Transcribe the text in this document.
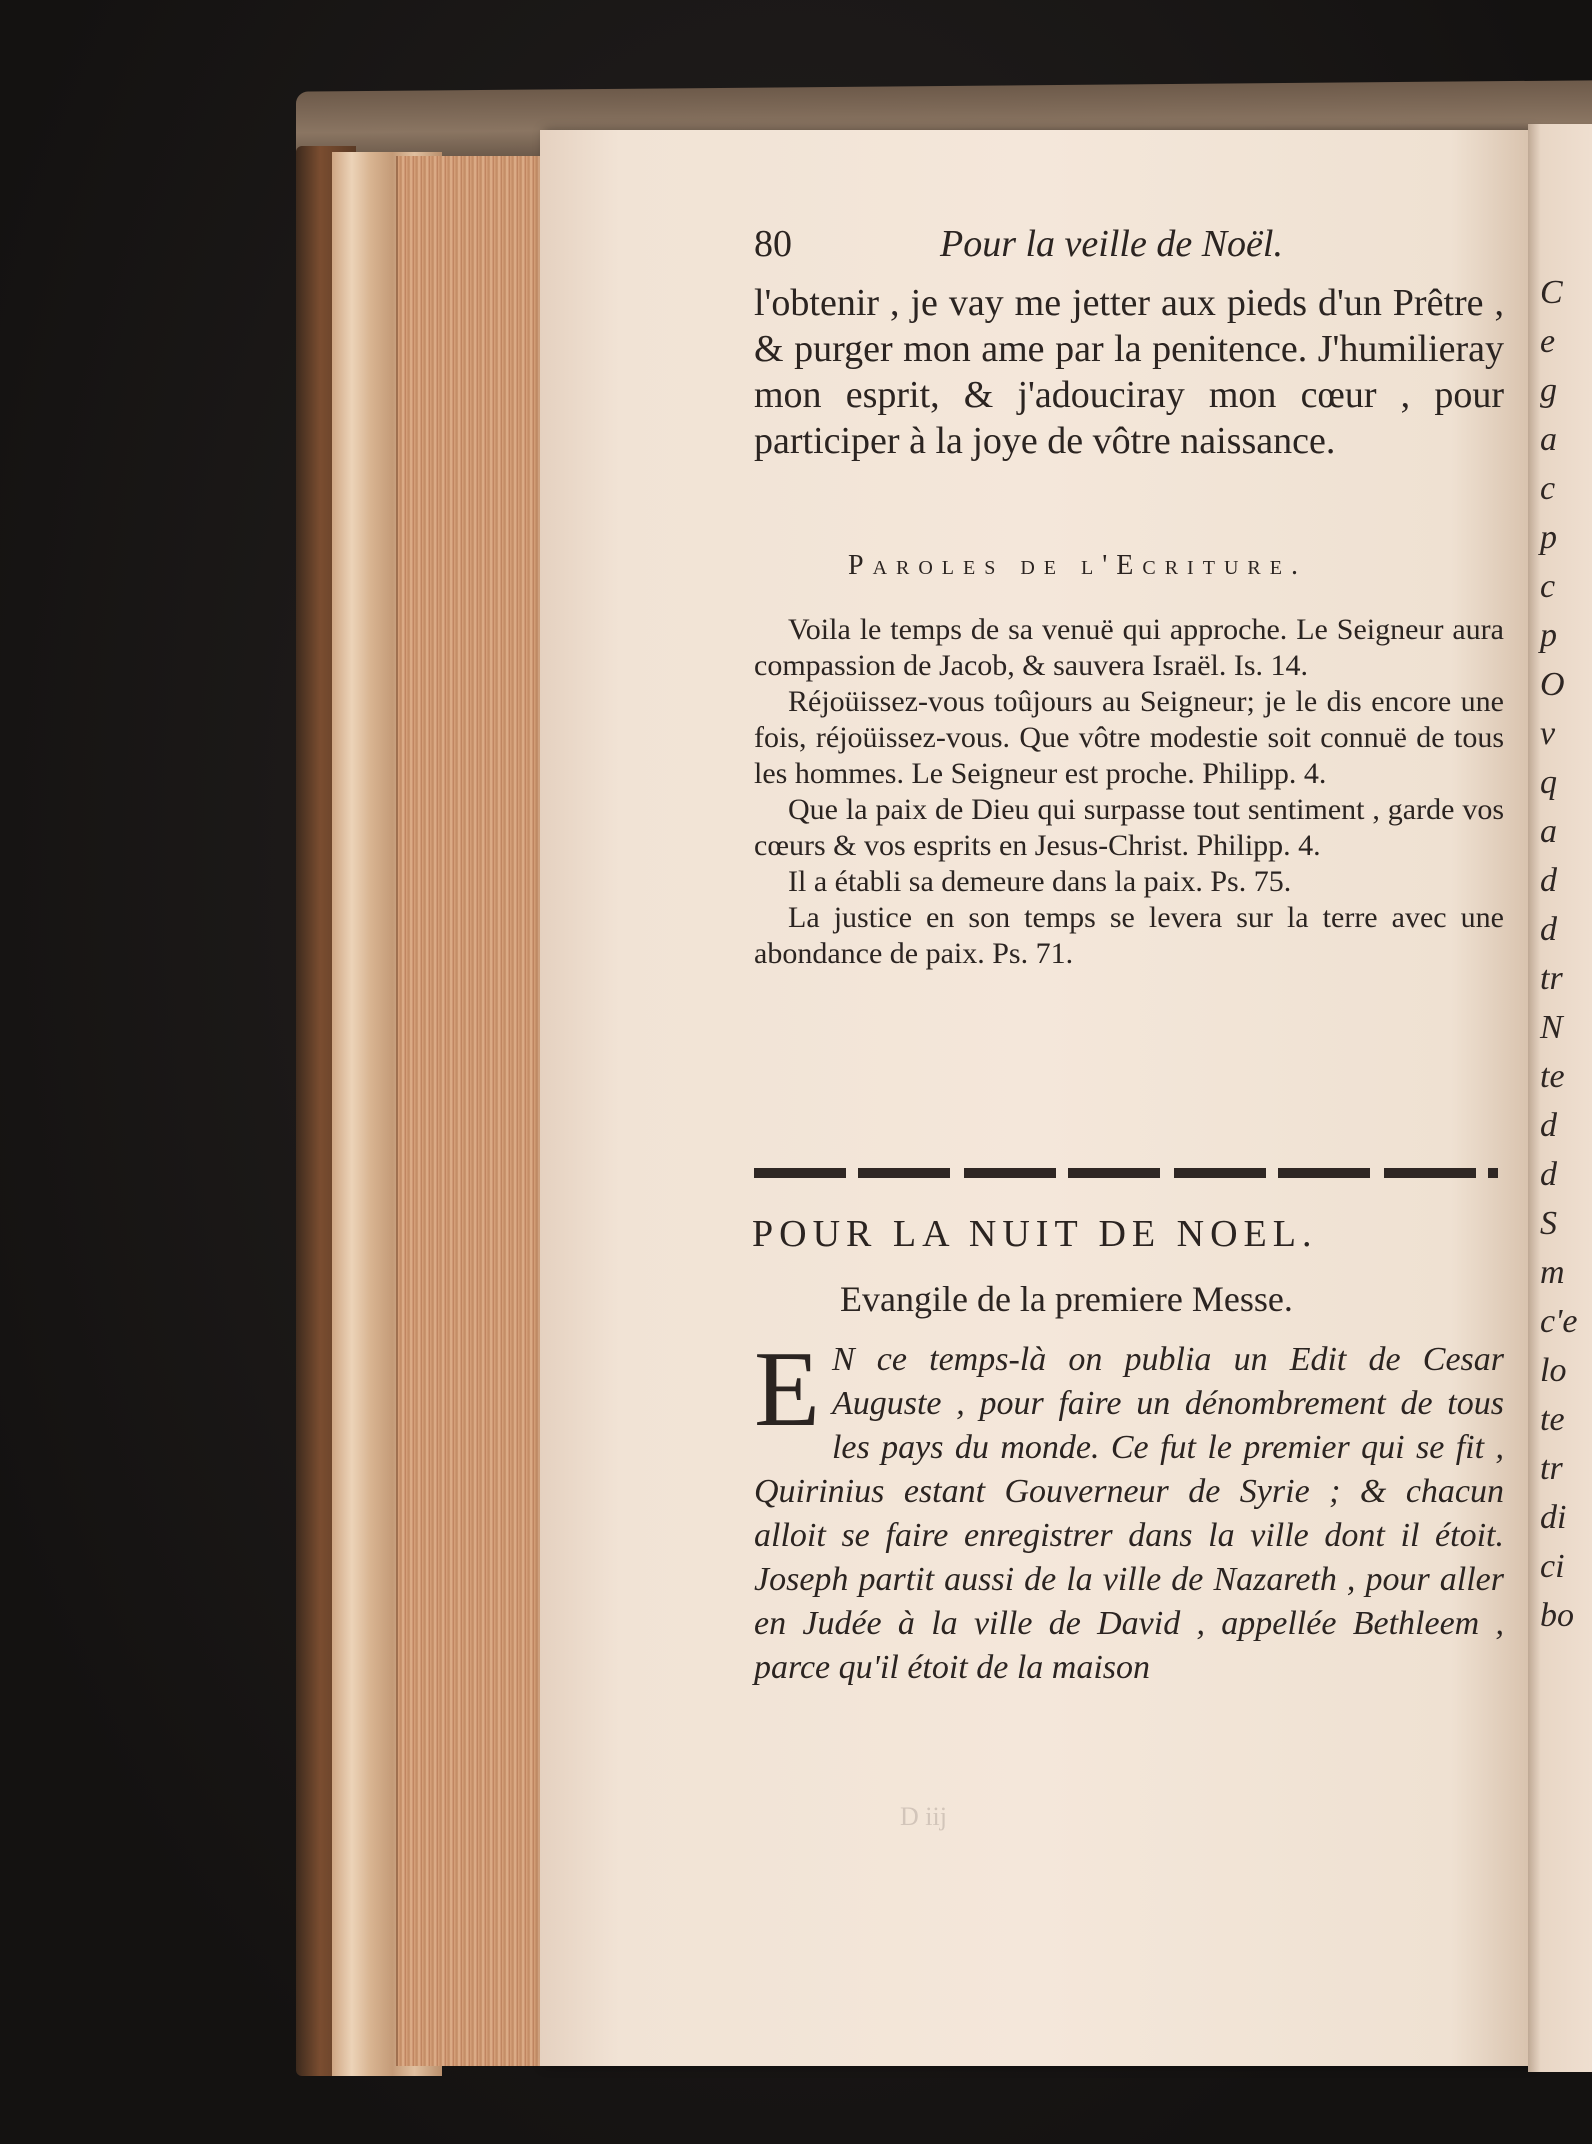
C
e
g
a
c
p
c
p
O
v
q
a
d
d
tr
N
te
d
d
S
m
c'e
lo
te
tr
di
ci
bo
80	Pour la veille de Noël.
l'obtenir , je vay me jetter aux pieds d'un Prêtre , & purger mon ame par la penitence. J'humilieray mon esprit, & j'adouciray mon cœur , pour participer à la joye de vôtre naissance.
Paroles de l'Ecriture.

Voila le temps de sa venuë qui approche. Le Seigneur aura compassion de Jacob, & sauvera Israël. Is. 14.

Réjoüissez-vous toûjours au Seigneur; je le dis encore une fois, réjoüissez-vous. Que vôtre modestie soit connuë de tous les hommes. Le Seigneur est proche. Philipp. 4.

Que la paix de Dieu qui surpasse tout sentiment , garde vos cœurs & vos esprits en Jesus-Christ. Philipp. 4.

Il a établi sa demeure dans la paix. Ps. 75.

La justice en son temps se levera sur la terre avec une abondance de paix. Ps. 71.

POUR LA NUIT DE NOEL.
Evangile de la premiere Messe.
E N ce temps-là on publia un Edit de Cesar Auguste , pour faire un dénombrement de tous les pays du monde. Ce fut le premier qui se fit , Quirinius estant Gouverneur de Syrie ; & chacun alloit se faire enregistrer dans la ville dont il étoit. Joseph partit aussi de la ville de Nazareth , pour aller en Judée à la ville de David , appellée Bethleem , parce qu'il étoit de la maison
D iij
